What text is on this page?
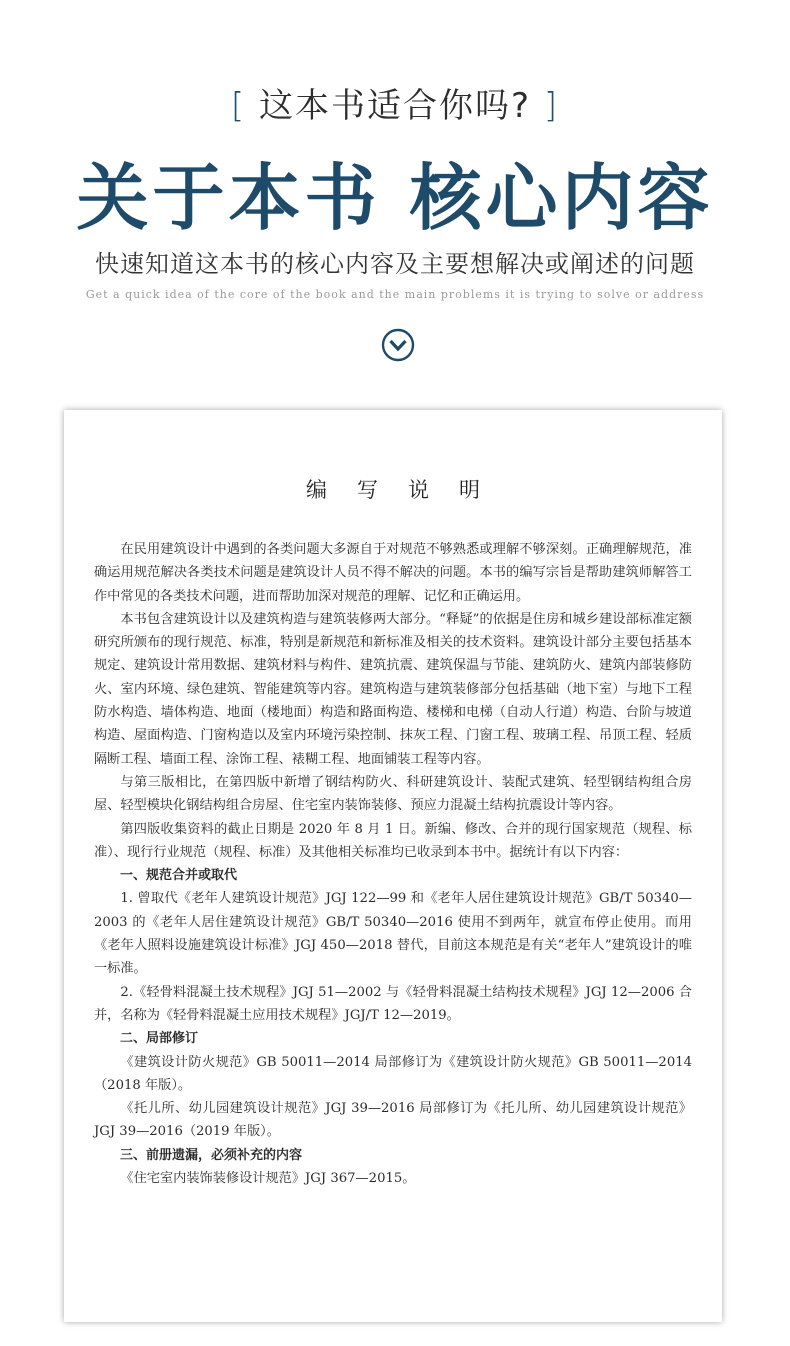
[ 这本书适合你吗? ]
关于本书 核心内容
快速知道这本书的核心内容及主要想解决或阐述的问题
Get a quick idea of the core of the book and the main problems it is trying to solve or address
编写说明

在民用建筑设计中遇到的各类问题大多源自于对规范不够熟悉或理解不够深刻。正确理解规范，准确运用规范解决各类技术问题是建筑设计人员不得不解决的问题。本书的编写宗旨是帮助建筑师解答工作中常见的各类技术问题，进而帮助加深对规范的理解、记忆和正确运用。

本书包含建筑设计以及建筑构造与建筑装修两大部分。“释疑”的依据是住房和城乡建设部标准定额研究所颁布的现行规范、标准，特别是新规范和新标准及相关的技术资料。建筑设计部分主要包括基本规定、建筑设计常用数据、建筑材料与构件、建筑抗震、建筑保温与节能、建筑防火、建筑内部装修防火、室内环境、绿色建筑、智能建筑等内容。建筑构造与建筑装修部分包括基础（地下室）与地下工程防水构造、墙体构造、地面（楼地面）构造和路面构造、楼梯和电梯（自动人行道）构造、台阶与坡道构造、屋面构造、门窗构造以及室内环境污染控制、抹灰工程、门窗工程、玻璃工程、吊顶工程、轻质隔断工程、墙面工程、涂饰工程、裱糊工程、地面铺装工程等内容。

与第三版相比，在第四版中新增了钢结构防火、科研建筑设计、装配式建筑、轻型钢结构组合房屋、轻型模块化钢结构组合房屋、住宅室内装饰装修、预应力混凝土结构抗震设计等内容。

第四版收集资料的截止日期是 2020 年 8 月 1 日。新编、修改、合并的现行国家规范（规程、标准）、现行行业规范（规程、标准）及其他相关标准均已收录到本书中。据统计有以下内容：

一、规范合并或取代

1. 曾取代《老年人建筑设计规范》JGJ 122—99 和《老年人居住建筑设计规范》GB/T 50340—2003 的《老年人居住建筑设计规范》GB/T 50340—2016 使用不到两年，就宣布停止使用。而用《老年人照料设施建筑设计标准》JGJ 450—2018 替代，目前这本规范是有关“老年人”建筑设计的唯一标准。

2.《轻骨料混凝土技术规程》JGJ 51—2002 与《轻骨料混凝土结构技术规程》JGJ 12—2006 合并，名称为《轻骨料混凝土应用技术规程》JGJ/T 12—2019。

二、局部修订

《建筑设计防火规范》GB 50011—2014 局部修订为《建筑设计防火规范》GB 50011—2014（2018 年版）。

《托儿所、幼儿园建筑设计规范》JGJ 39—2016 局部修订为《托儿所、幼儿园建筑设计规范》JGJ 39—2016（2019 年版）。

三、前册遗漏，必须补充的内容

《住宅室内装饰装修设计规范》JGJ 367—2015。
